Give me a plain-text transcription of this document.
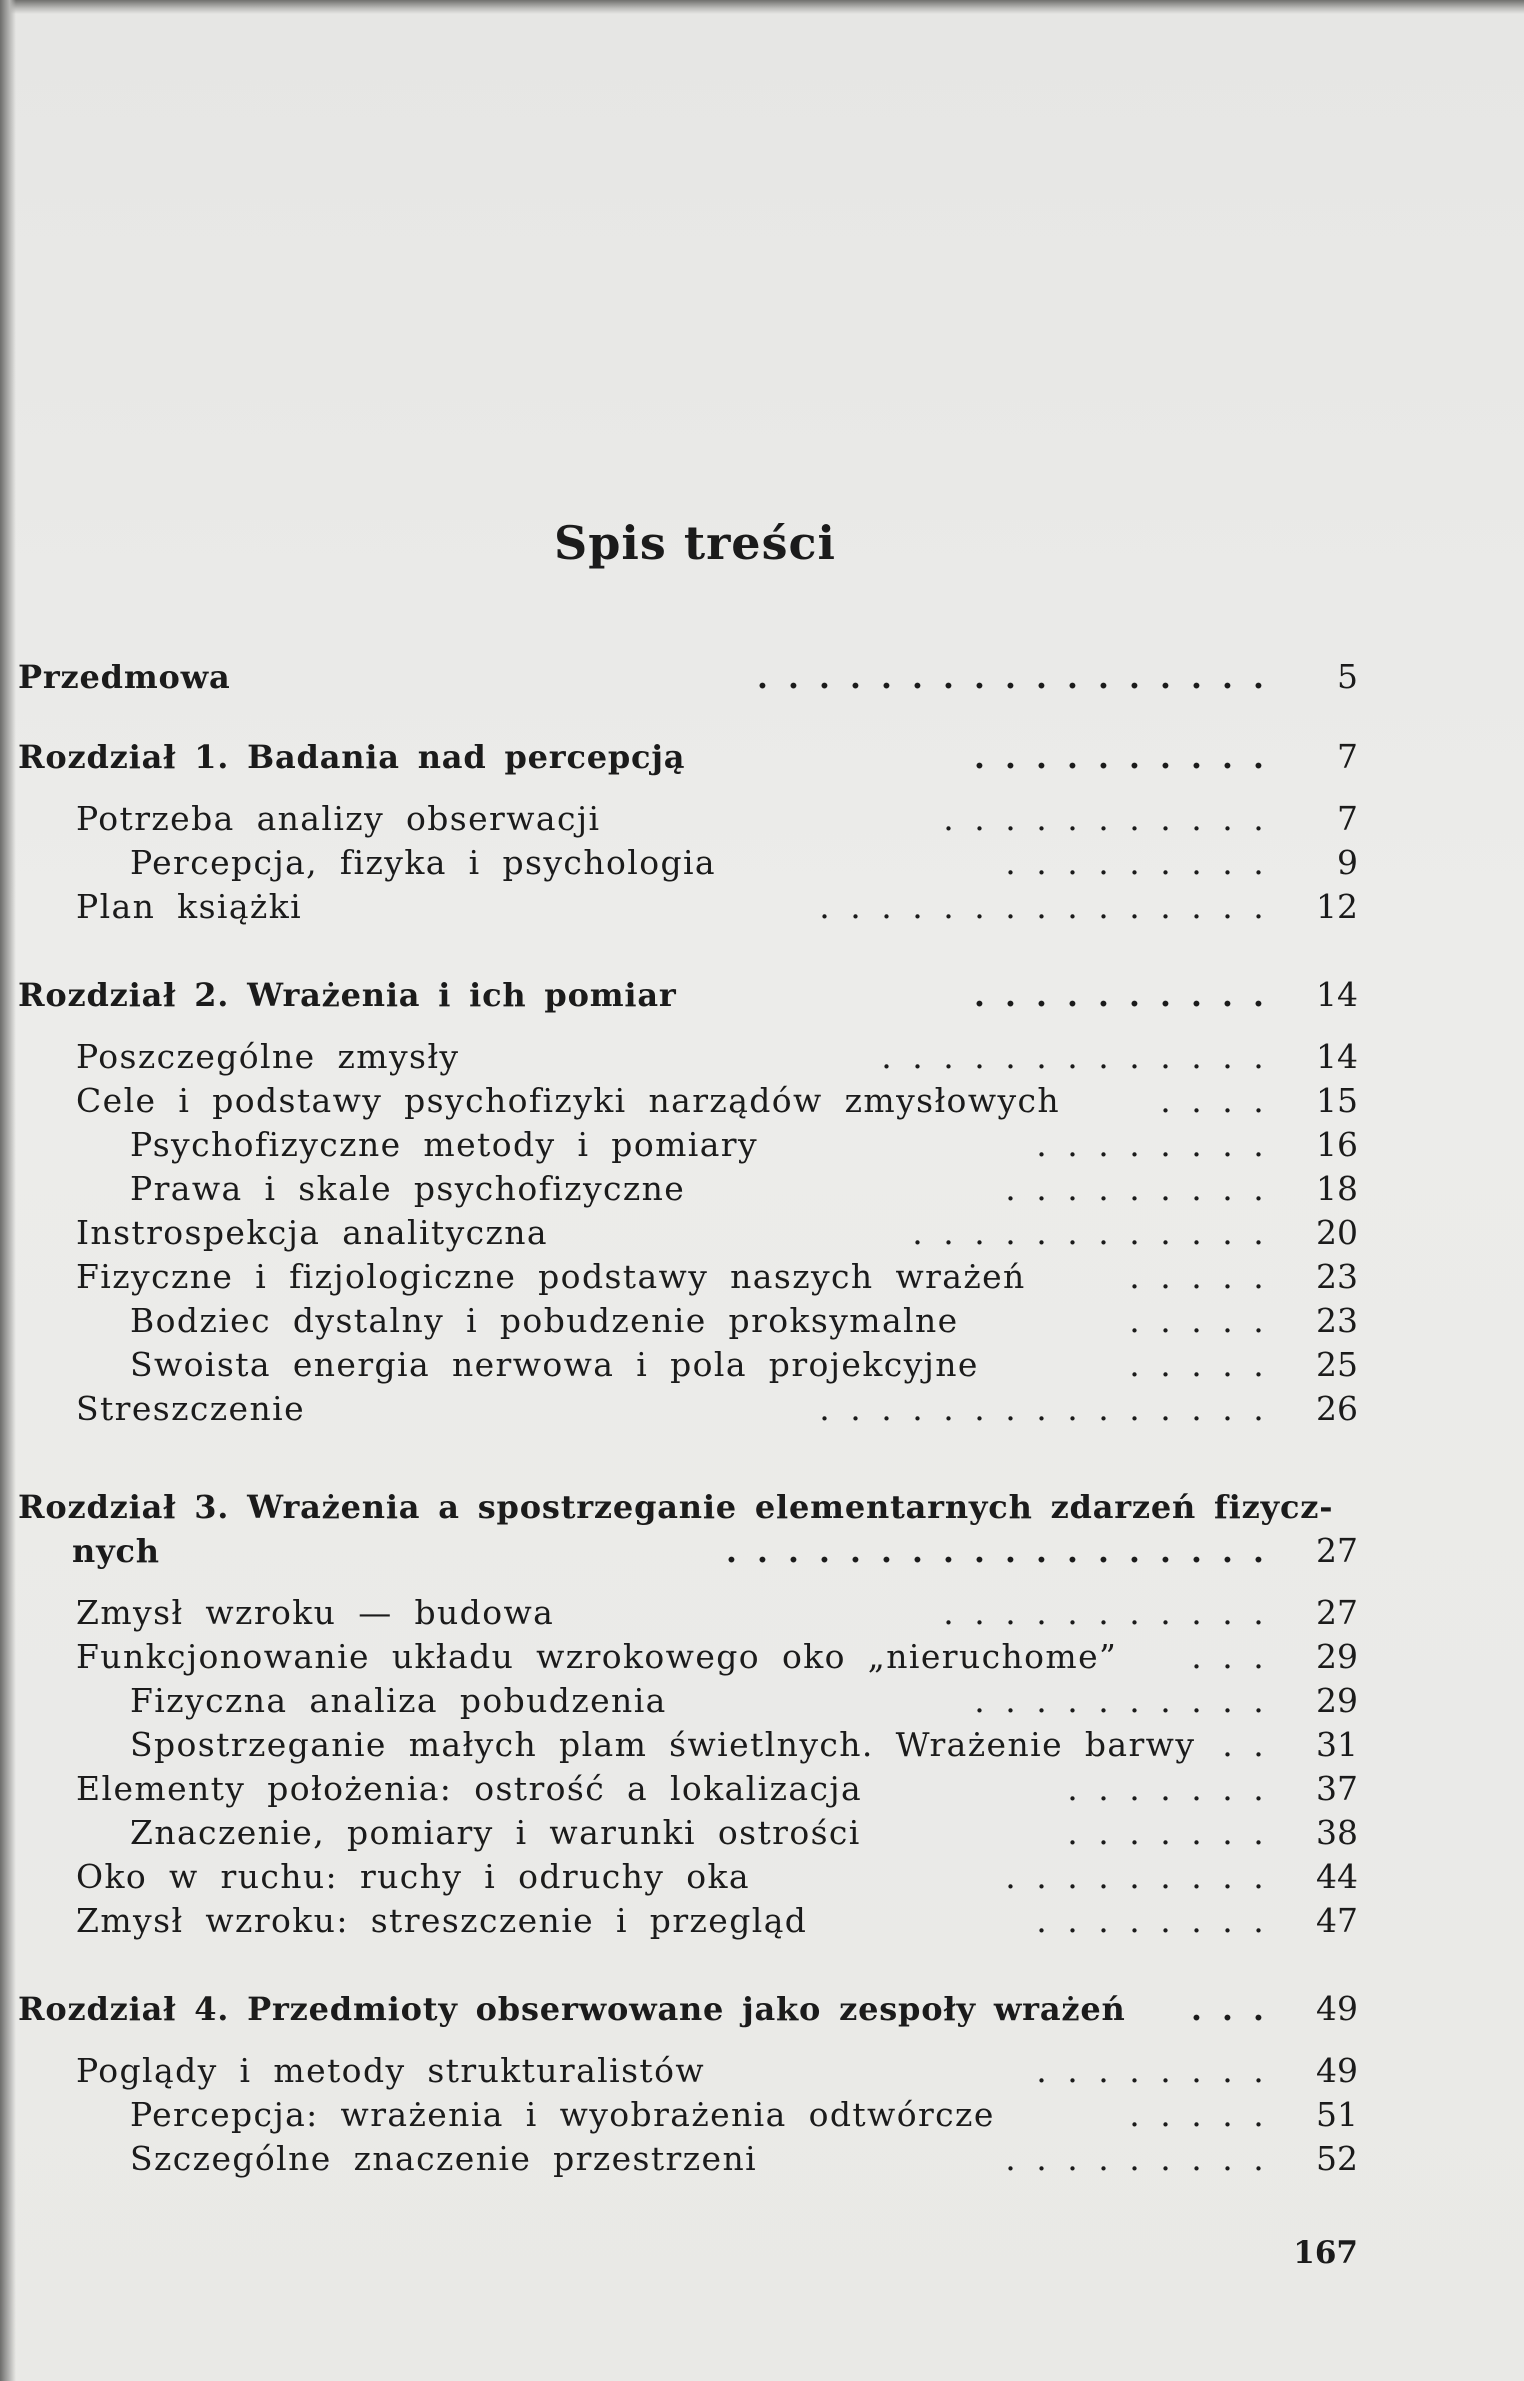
Spis treści
Przedmowa	. . . . . . . . . . . . . . . . .	5
Rozdział 1. Badania nad percepcją	. . . . . . . . . .	7
Potrzeba analizy obserwacji	. . . . . . . . . . .	7
Percepcja, fizyka i psychologia	. . . . . . . . .	9
Plan książki	. . . . . . . . . . . . . . .	12
Rozdział 2. Wrażenia i ich pomiar	. . . . . . . . . .	14
Poszczególne zmysły	. . . . . . . . . . . . .	14
Cele i podstawy psychofizyki narządów zmysłowych	. . . .	15
Psychofizyczne metody i pomiary	. . . . . . . .	16
Prawa i skale psychofizyczne	. . . . . . . . .	18
Instrospekcja analityczna	. . . . . . . . . . . .	20
Fizyczne i fizjologiczne podstawy naszych wrażeń	. . . . .	23
Bodziec dystalny i pobudzenie proksymalne	. . . . .	23
Swoista energia nerwowa i pola projekcyjne	. . . . .	25
Streszczenie	. . . . . . . . . . . . . . .	26
Rozdział 3. Wrażenia a spostrzeganie elementarnych zdarzeń fizycz-
nych	. . . . . . . . . . . . . . . . . .	27
Zmysł wzroku — budowa	. . . . . . . . . . .	27
Funkcjonowanie układu wzrokowego oko „nieruchome”	. . .	29
Fizyczna analiza pobudzenia	. . . . . . . . . .	29
Spostrzeganie małych plam świetlnych. Wrażenie barwy . .	31
Elementy położenia: ostrość a lokalizacja	. . . . . . .	37
Znaczenie, pomiary i warunki ostrości	. . . . . . .	38
Oko w ruchu: ruchy i odruchy oka	. . . . . . . . .	44
Zmysł wzroku: streszczenie i przegląd	. . . . . . . .	47
Rozdział 4. Przedmioty obserwowane jako zespoły wrażeń	. . .	49
Poglądy i metody strukturalistów	. . . . . . . .	49
Percepcja: wrażenia i wyobrażenia odtwórcze	. . . . .	51
Szczególne znaczenie przestrzeni	. . . . . . . . .	52
167
